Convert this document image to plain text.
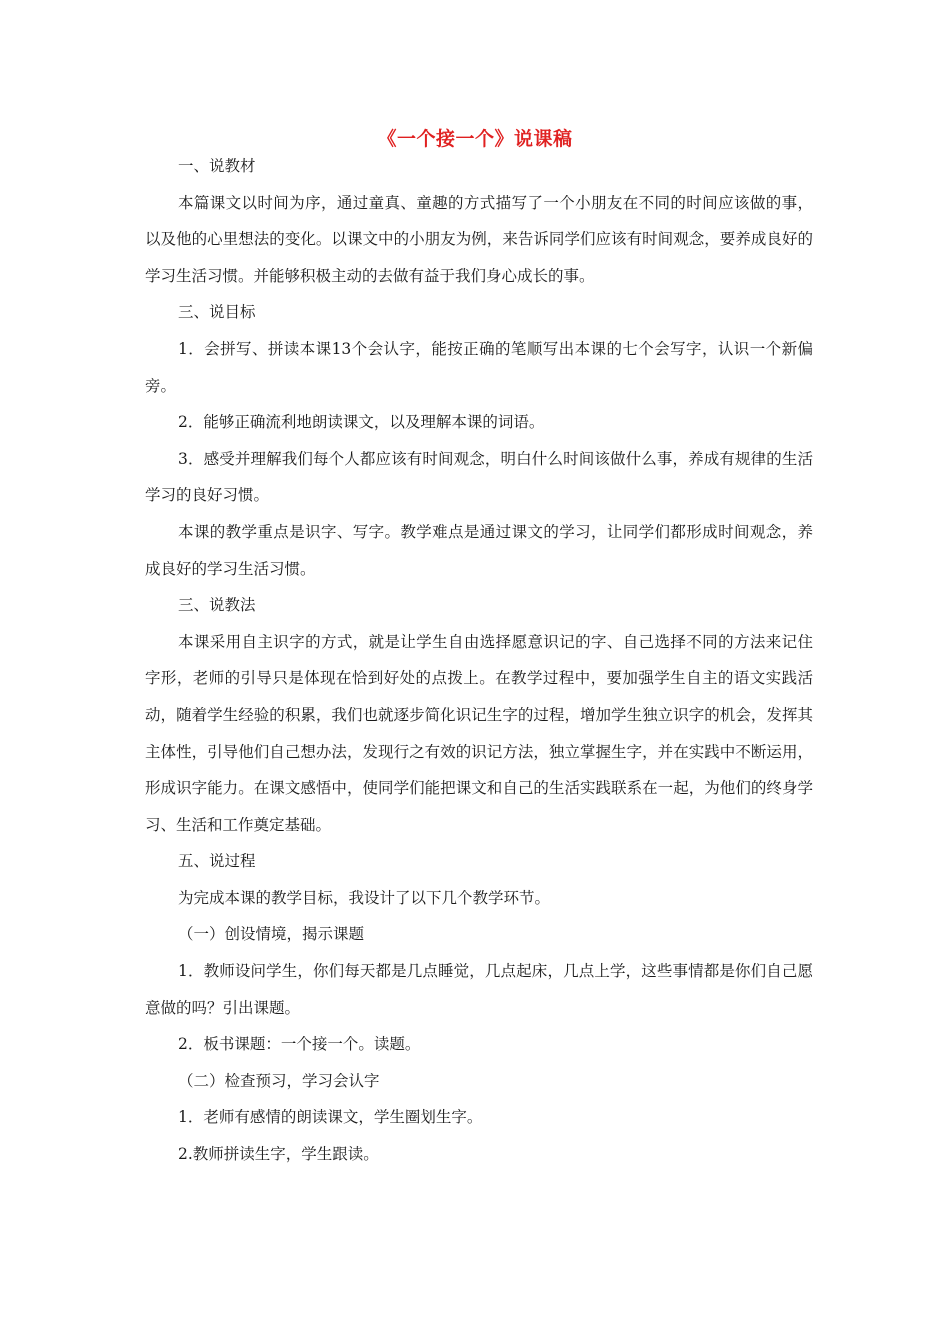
《一个接一个》说课稿

一、说教材

本篇课文以时间为序，通过童真、童趣的方式描写了一个小朋友在不同的时间应该做的事，以及他的心里想法的变化。以课文中的小朋友为例，来告诉同学们应该有时间观念，要养成良好的学习生活习惯。并能够积极主动的去做有益于我们身心成长的事。

三、说目标

1．会拼写、拼读本课13个会认字，能按正确的笔顺写出本课的七个会写字，认识一个新偏旁。

2．能够正确流利地朗读课文，以及理解本课的词语。

3．感受并理解我们每个人都应该有时间观念，明白什么时间该做什么事，养成有规律的生活学习的良好习惯。

本课的教学重点是识字、写字。教学难点是通过课文的学习，让同学们都形成时间观念，养成良好的学习生活习惯。

三、说教法

本课采用自主识字的方式，就是让学生自由选择愿意识记的字、自己选择不同的方法来记住字形，老师的引导只是体现在恰到好处的点拨上。在教学过程中，要加强学生自主的语文实践活动，随着学生经验的积累，我们也就逐步简化识记生字的过程，增加学生独立识字的机会，发挥其主体性，引导他们自己想办法，发现行之有效的识记方法，独立掌握生字，并在实践中不断运用，形成识字能力。在课文感悟中，使同学们能把课文和自己的生活实践联系在一起，为他们的终身学习、生活和工作奠定基础。

五、说过程

为完成本课的教学目标，我设计了以下几个教学环节。

（一）创设情境，揭示课题

1．教师设问学生，你们每天都是几点睡觉，几点起床，几点上学，这些事情都是你们自己愿意做的吗？引出课题。

2．板书课题：一个接一个。读题。

（二）检查预习，学习会认字

1．老师有感情的朗读课文，学生圈划生字。

2.教师拼读生字，学生跟读。
